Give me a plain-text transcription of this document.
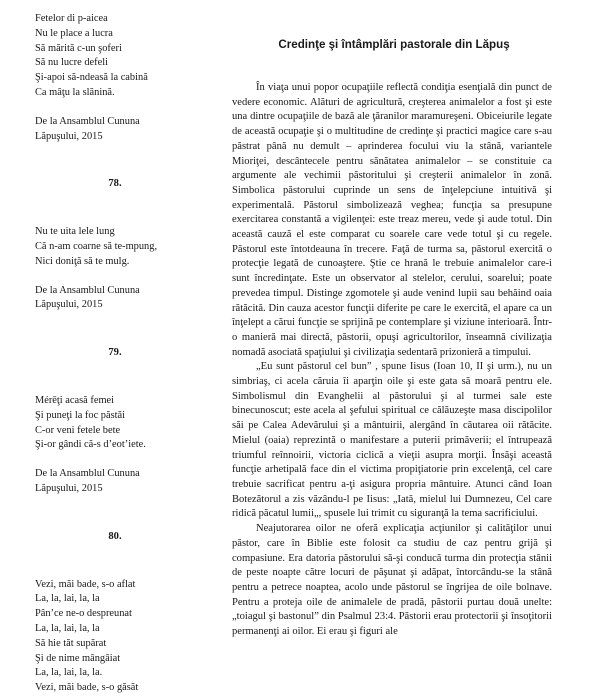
Fetelor di p-aicea
Nu le place a lucra
Să mărită c-un şoferi
Să nu lucre defeli
Şi-apoi să-ndeasă la cabină
Ca mâţu la slănină.
De la Ansamblul Cununa
Lăpuşului, 2015
78.
Nu te uita lele lung
Că n-am coarne să te-mpung,
Nici doniţă să te mulg.
De la Ansamblul Cununa
Lăpuşului, 2015
79.
Mérēţi acasă femei
Şi puneţi la foc păstăi
C-or veni fetele bete
Şi-or gândi că-s d’eot’iete.
De la Ansamblul Cununa
Lăpuşului, 2015
80.
Vezi, măi bade, s-o aflat
La, la, lai, la, la
Pân’ce ne-o despreunat
La, la, lai, la, la
Să hie tăt supărat
Şi de nime mângâiat
La, la, lai, la, la.
Vezi, măi bade, s-o găsăt
Credinţe şi întâmplări pastorale din Lăpuş

În viaţa unui popor ocupaţiile reflectă condiţia esenţială din punct de vedere economic. Alături de agricultură, creşterea animalelor a fost şi este una dintre ocupaţiile de bază ale ţăranilor maramureşeni. Obiceiurile legate de această ocupaţie şi o multitudine de credinţe şi practici magice care s-au păstrat până nu demult – aprinderea focului viu la stână, variantele Mioriţei, descântecele pentru sănătatea animalelor – se constituie ca argumente ale vechimii păstoritului şi creşterii animalelor în zonă. Simbolica păstorului cuprinde un sens de înţelepciune intuitivă şi experimentală. Păstorul simbolizează veghea; funcţia sa presupune exercitarea constantă a vigilenţei: este treaz mereu, vede şi aude totul. Din această cauză el este comparat cu soarele care vede totul şi cu regele. Păstorul este întotdeauna în trecere. Faţă de turma sa, păstorul exercită o protecţie legată de cunoaştere. Ştie ce hrană le trebuie animalelor care-i sunt încredinţate. Este un observator al stelelor, cerului, soarelui; poate prevedea timpul. Distinge zgomotele şi aude venind lupii sau behăind oaia rătăcită. Din cauza acestor funcţii diferite pe care le exercită, el apare ca un înţelept a cărui funcţie se sprijină pe contemplare şi viziune interioară. Într-o manieră mai directă, păstorii, opuşi agricultorilor, înseamnă civilizaţia nomadă asociată spaţiului şi civilizaţia sedentară prizonieră a timpului.

„Eu sunt păstorul cel bun” , spune Iisus (Ioan 10, II şi urm.), nu un simbriaş, ci acela căruia îi aparţin oile şi este gata să moară pentru ele. Simbolismul din Evanghelii al păstorului şi al turmei sale este binecunoscut; este acela al şefului spiritual ce călăuzeşte masa discipolilor săi pe Calea Adevărului şi a mântuirii, alergând în căutarea oii rătăcite. Mielul (oaia) reprezintă o manifestare a puterii primăverii; el întrupează triumful reînnoirii, victoria ciclică a vieţii asupra morţii. Însăşi această funcţie arhetipală face din el victima propiţiatorie prin excelenţă, cel care trebuie sacrificat pentru a-ţi asigura propria mântuire. Atunci când Ioan Botezătorul a zis văzându-l pe Iisus: „Iată, mielul lui Dumnezeu, Cel care ridică păcatul lumii„, spusele lui trimit cu siguranţă la tema sacrificiului.

Neajutorarea oilor ne oferă explicaţia acţiunilor şi calităţilor unui păstor, care în Biblie este folosit ca studiu de caz pentru grijă şi compasiune. Era datoria păstorului să-şi conducă turma din protecţia stânii de peste noapte către locuri de păşunat şi adăpat, întorcându-se la stână pentru a petrece noaptea, acolo unde păstorul se îngrijea de oile bolnave. Pentru a proteja oile de animalele de pradă, păstorii purtau două unelte: „toiagul şi bastonul” din Psalmul 23:4. Păstorii erau protectorii şi însoţitorii permanenţi ai oilor. Ei erau şi figuri ale
